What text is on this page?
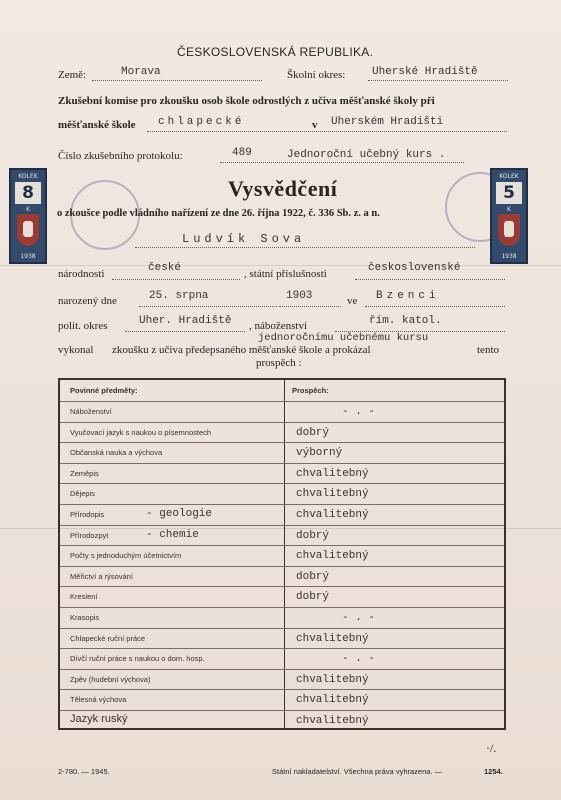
ČESKOSLOVENSKÁ REPUBLIKA.
Země:	Morava	Školní okres: Uherské Hradiště
Zkušební komise pro zkoušku osob škole odrostlých z učiva měšťanské školy při
měšťanské škole chlapecké	v Uherském Hradišti
Číslo zkušebního protokolu:	489	Jednoroční učebný kurs .
KOLEK
8
K
1938
KOLEK
5
K
1938
Vysvědčení
o zkoušce podle vládního nařízení ze dne 26. října 1922, č. 336 Sb. z. a n.
Ludvík Sova
národnosti	české	, státní příslušnosti	československé
narozený dne	25. srpna	1903	ve Bzenci
polit. okres	Uher. Hradiště , náboženství	řím. katol.
jednoročnímu učebnému kursu
vykonal zkoušku z učiva předepsaného měšťanské škole a prokázal	tento
prospěch :
Povinné předměty:	Prospěch:
Náboženství	- . -
Vyučovací jazyk s naukou o písemnostech	dobrý
Občanská nauka a výchova	výborný
Zeměpis	chvalitebný
Dějepis	chvalitebný
Přírodopis	- geologie	chvalitebný
Přírodozpyt	- chemie	dobrý
Počty s jednoduchým účetnictvím	chvalitebný
Měřictví a rýsování	dobrý
Kreslení	dobrý
Krasopis	- . -
Chlapecké ruční práce	chvalitebný
Dívčí ruční práce s naukou o dom. hosp.	- . -
Zpěv (hudební výchova)	chvalitebný
Tělesná výchova	chvalitebný
Jazyk ruský	chvalitebný
·/.
2-780. — 1945.	Státní nakladatelství. Všechna práva vyhrazena. —	1254.
